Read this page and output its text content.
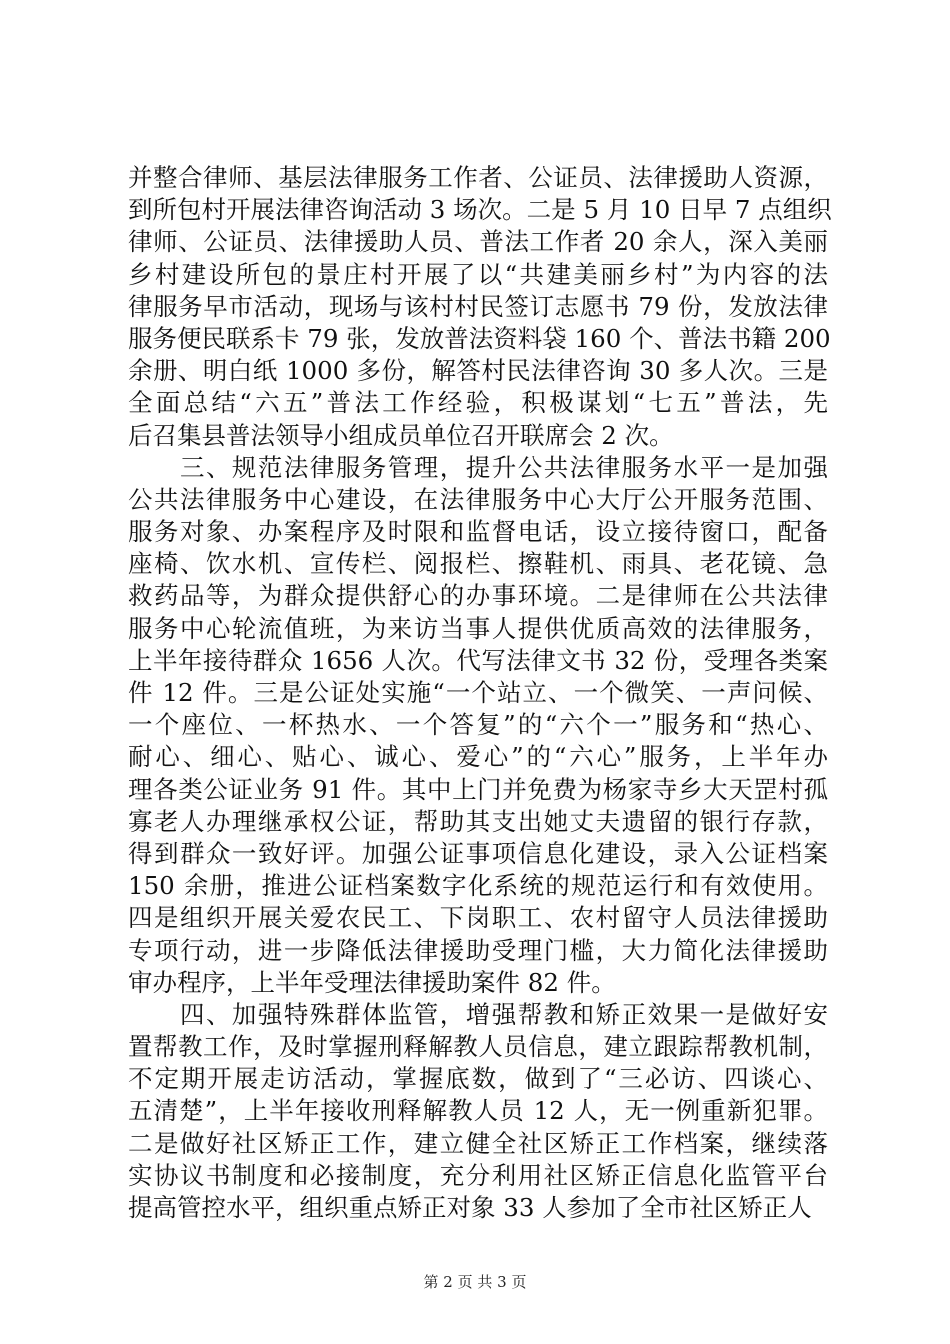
并整合律师、基层法律服务工作者、公证员、法律援助人资源，
到所包村开展法律咨询活动 3 场次。二是 5 月 10 日早 7 点组织
律师、公证员、法律援助人员、普法工作者 20 余人，深入美丽
乡村建设所包的景庄村开展了以“共建美丽乡村”为内容的法
律服务早市活动，现场与该村村民签订志愿书 79 份，发放法律
服务便民联系卡 79 张，发放普法资料袋 160 个、普法书籍 200
余册、明白纸 1000 多份，解答村民法律咨询 30 多人次。三是
全面总结“六五”普法工作经验，积极谋划“七五”普法，先
后召集县普法领导小组成员单位召开联席会 2 次。
　　三、规范法律服务管理，提升公共法律服务水平一是加强
公共法律服务中心建设，在法律服务中心大厅公开服务范围、
服务对象、办案程序及时限和监督电话，设立接待窗口，配备
座椅、饮水机、宣传栏、阅报栏、擦鞋机、雨具、老花镜、急
救药品等，为群众提供舒心的办事环境。二是律师在公共法律
服务中心轮流值班，为来访当事人提供优质高效的法律服务，
上半年接待群众 1656 人次。代写法律文书 32 份，受理各类案
件 12 件。三是公证处实施“一个站立、一个微笑、一声问候、
一个座位、一杯热水、一个答复”的“六个一”服务和“热心、
耐心、细心、贴心、诚心、爱心”的“六心”服务，上半年办
理各类公证业务 91 件。其中上门并免费为杨家寺乡大天罡村孤
寡老人办理继承权公证，帮助其支出她丈夫遗留的银行存款，
得到群众一致好评。加强公证事项信息化建设，录入公证档案
150 余册，推进公证档案数字化系统的规范运行和有效使用。
四是组织开展关爱农民工、下岗职工、农村留守人员法律援助
专项行动，进一步降低法律援助受理门槛，大力简化法律援助
审办程序，上半年受理法律援助案件 82 件。
　　四、加强特殊群体监管，增强帮教和矫正效果一是做好安
置帮教工作，及时掌握刑释解教人员信息，建立跟踪帮教机制，
不定期开展走访活动，掌握底数，做到了“三必访、四谈心、
五清楚”，上半年接收刑释解教人员 12 人，无一例重新犯罪。
二是做好社区矫正工作，建立健全社区矫正工作档案，继续落
实协议书制度和必接制度，充分利用社区矫正信息化监管平台
提高管控水平，组织重点矫正对象 33 人参加了全市社区矫正人
第 2 页 共 3 页
